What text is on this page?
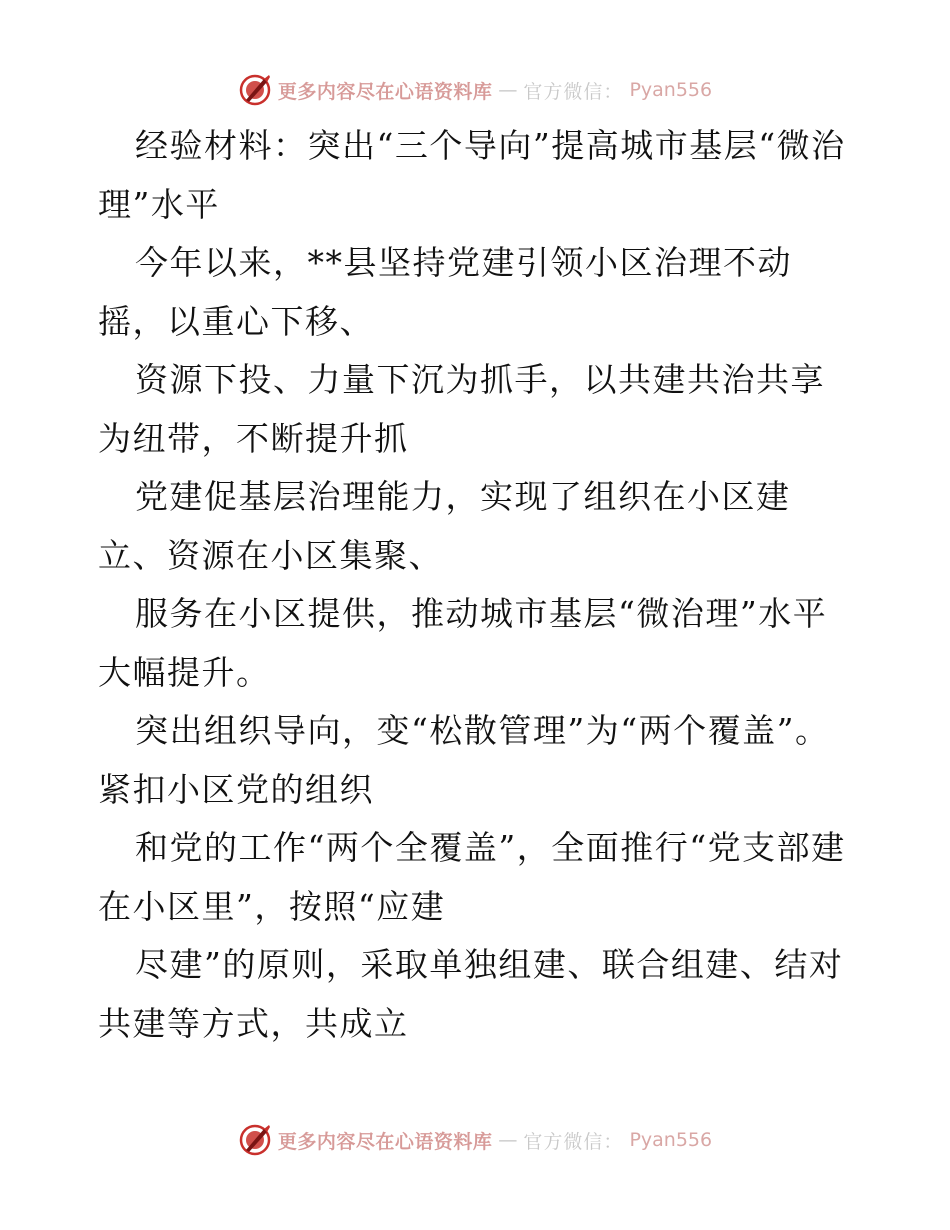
更多内容尽在心语资料库 — 官方微信： Pyan556

经验材料：突出“三个导向”提高城市基层“微治理”水平

今年以来，**县坚持党建引领小区治理不动摇，以重心下移、

资源下投、力量下沉为抓手，以共建共治共享为纽带，不断提升抓

党建促基层治理能力，实现了组织在小区建立、资源在小区集聚、

服务在小区提供，推动城市基层“微治理”水平大幅提升。

突出组织导向，变“松散管理”为“两个覆盖”。紧扣小区党的组织

和党的工作“两个全覆盖”，全面推行“党支部建在小区里”，按照“应建

尽建”的原则，采取单独组建、联合组建、结对共建等方式，共成立

更多内容尽在心语资料库 — 官方微信： Pyan556
